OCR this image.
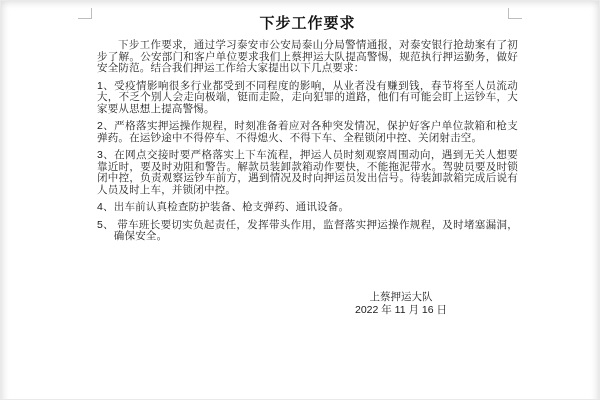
下步工作要求

下步工作要求，通过学习泰安市公安局泰山分局警情通报，对泰安银行抢劫案有了初步了解。公安部门和客户单位要求我们上蔡押运大队提高警惕，规范执行押运勤务，做好安全防范。结合我们押运工作给大家提出以下几点要求：

1、受疫情影响很多行业都受到不同程度的影响，从业者没有赚到钱，春节将至人员流动大，不乏个别人会走向极端，铤而走险，走向犯罪的道路，他们有可能会盯上运钞车，大家要从思想上提高警惕。

2、严格落实押运操作规程，时刻准备着应对各种突发情况，保护好客户单位款箱和枪支弹药。在运钞途中不得停车、不得熄火、不得下车、全程锁闭中控、关闭射击空。

3、在网点交接时要严格落实上下车流程，押运人员时刻观察周围动向，遇到无关人想要靠近时，要及时劝阻和警告。解款员装卸款箱动作要快，不能拖泥带水。驾驶员要及时锁闭中控，负责观察运钞车前方，遇到情况及时向押运员发出信号。待装卸款箱完成后说有人员及时上车，并锁闭中控。

4、出车前认真检查防护装备、枪支弹药、通讯设备。

5、 带车班长要切实负起责任，发挥带头作用，监督落实押运操作规程，及时堵塞漏洞，确保安全。

上蔡押运大队
2022 年 11 月 16 日
